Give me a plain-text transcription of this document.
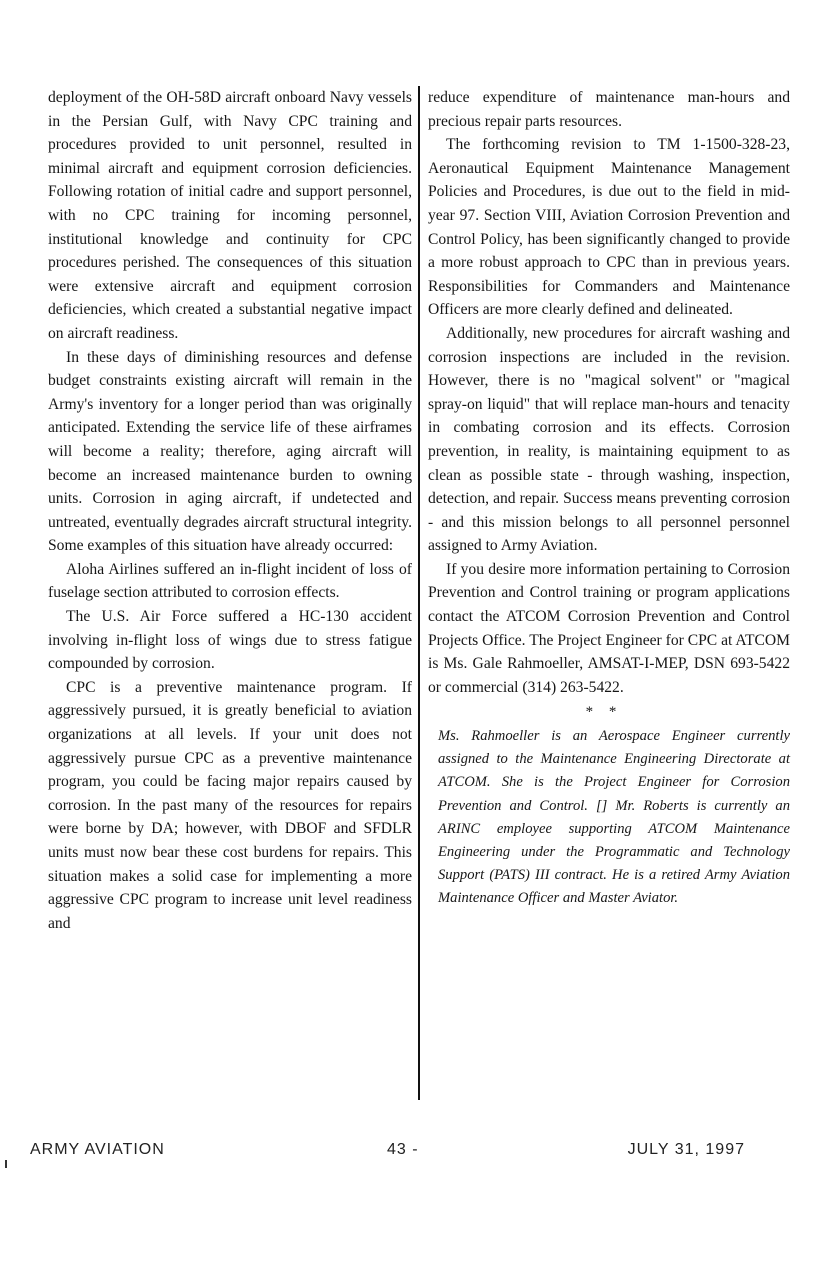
deployment of the OH-58D aircraft onboard Navy vessels in the Persian Gulf, with Navy CPC training and procedures provided to unit personnel, resulted in minimal aircraft and equipment corrosion deficiencies. Following rotation of initial cadre and support personnel, with no CPC training for incoming personnel, institutional knowledge and continuity for CPC procedures perished. The consequences of this situation were extensive aircraft and equipment corrosion deficiencies, which created a substantial negative impact on aircraft readiness.

In these days of diminishing resources and defense budget constraints existing aircraft will remain in the Army's inventory for a longer period than was originally anticipated. Extending the service life of these airframes will become a reality; therefore, aging aircraft will become an increased maintenance burden to owning units. Corrosion in aging aircraft, if undetected and untreated, eventually degrades aircraft structural integrity. Some examples of this situation have already occurred:

Aloha Airlines suffered an in-flight incident of loss of fuselage section attributed to corrosion effects.

The U.S. Air Force suffered a HC-130 accident involving in-flight loss of wings due to stress fatigue compounded by corrosion.

CPC is a preventive maintenance program. If aggressively pursued, it is greatly beneficial to aviation organizations at all levels. If your unit does not aggressively pursue CPC as a preventive maintenance program, you could be facing major repairs caused by corrosion. In the past many of the resources for repairs were borne by DA; however, with DBOF and SFDLR units must now bear these cost burdens for repairs. This situation makes a solid case for implementing a more aggressive CPC program to increase unit level readiness and

reduce expenditure of maintenance man-hours and precious repair parts resources.

The forthcoming revision to TM 1-1500-328-23, Aeronautical Equipment Maintenance Management Policies and Procedures, is due out to the field in mid-year 97. Section VIII, Aviation Corrosion Prevention and Control Policy, has been significantly changed to provide a more robust approach to CPC than in previous years. Responsibilities for Commanders and Maintenance Officers are more clearly defined and delineated.

Additionally, new procedures for aircraft washing and corrosion inspections are included in the revision. However, there is no "magical solvent" or "magical spray-on liquid" that will replace man-hours and tenacity in combating corrosion and its effects. Corrosion prevention, in reality, is maintaining equipment to as clean as possible state - through washing, inspection, detection, and repair. Success means preventing corrosion - and this mission belongs to all personnel personnel assigned to Army Aviation.

If you desire more information pertaining to Corrosion Prevention and Control training or program applications contact the ATCOM Corrosion Prevention and Control Projects Office. The Project Engineer for CPC at ATCOM is Ms. Gale Rahmoeller, AMSAT-I-MEP, DSN 693-5422 or commercial (314) 263-5422.

* *

Ms. Rahmoeller is an Aerospace Engineer currently assigned to the Maintenance Engineering Directorate at ATCOM. She is the Project Engineer for Corrosion Prevention and Control. [] Mr. Roberts is currently an ARINC employee supporting ATCOM Maintenance Engineering under the Programmatic and Technology Support (PATS) III contract. He is a retired Army Aviation Maintenance Officer and Master Aviator.

ARMY AVIATION	43 -	JULY 31, 1997
